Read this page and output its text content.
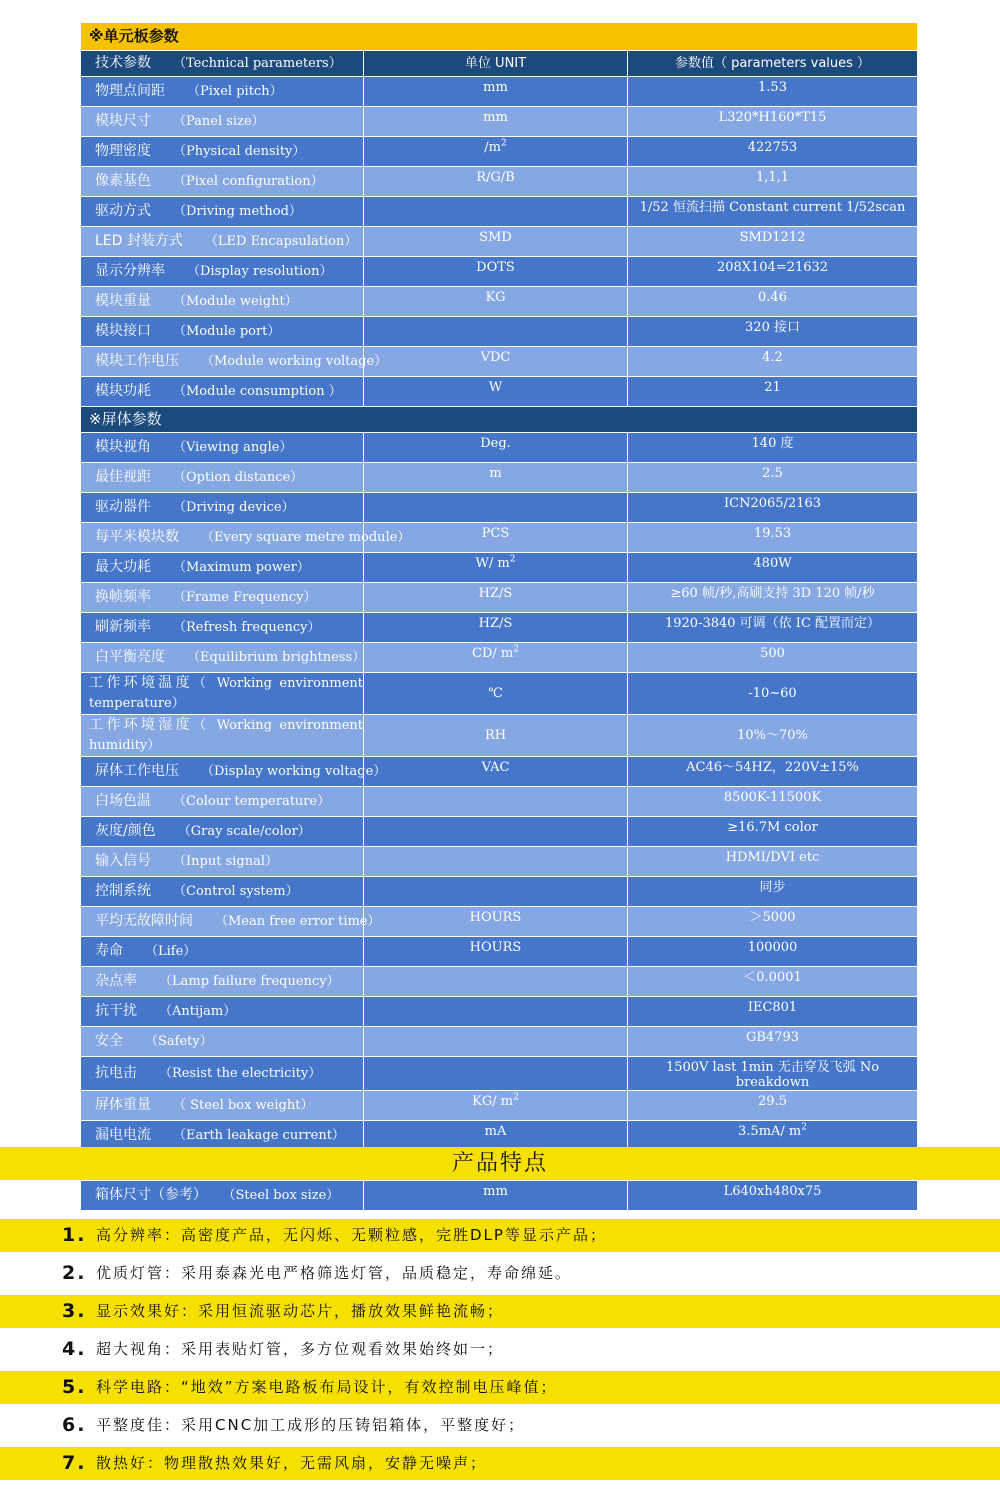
※单元板参数		
技术参数 （Technical parameters）	单位 UNIT	参数值（ parameters values ）
物理点间距 （Pixel pitch）	mm	1.53
模块尺寸 （Panel size）	mm	L320*H160*T15
物理密度 （Physical density）	$/m^2$	422753
像素基色 （Pixel configuration）	R/G/B	1,1,1
驱动方式 （Driving method）		1/52 恒流扫描 Constant current 1/52scan
LED 封装方式 （LED Encapsulation）	SMD	SMD1212
显示分辨率 （Display resolution）	DOTS	208X104=21632
模块重量 （Module weight）	KG	0.46
模块接口 （Module port）		320 接口
模块工作电压 （Module working voltage）	VDC	4.2
模块功耗 （Module consumption ）	W	21
※屏体参数		
模块视角 （Viewing angle）	Deg.	140 度
最佳视距 （Option distance）	m	2.5
驱动器件 （Driving device）		ICN2065/2163
每平米模块数 （Every square metre module）	PCS	19.53
最大功耗 （Maximum power）	W/ $m^2$	480W
换帧频率 （Frame Frequency）	HZ/S	≥60 帧/秒,高刷支持 3D 120 帧/秒
刷新频率 （Refresh frequency）	HZ/S	1920-3840 可调（依 IC 配置而定）
白平衡亮度 （Equilibrium brightness）	CD/ $m^2$	500
工作环境温度（ Working environment temperature）	℃	-10~60
工作环境湿度（ Working environment humidity）	RH	10%～70%
屏体工作电压 （Display working voltage）	VAC	AC46～54HZ，220V±15%
白场色温 （Colour temperature）		8500K-11500K
灰度/颜色 （Gray scale/color）		≥16.7M color
输入信号 （Input signal）		HDMI/DVI etc
控制系统 （Control system）		同步
平均无故障时间 （Mean free error time）	HOURS	＞5000
寿命 （Life）	HOURS	100000
杂点率 （Lamp failure frequency）		＜0.0001
抗干扰 （Antijam）		IEC801
安全 （Safety）		GB4793
抗电击 （Resist the electricity）		1500V last 1min 无击穿及飞弧 No breakdown
屏体重量 （ Steel box weight）	KG/ $m^2$	29.5
漏电电流 （Earth leakage current）	mA	3.5mA/ $m^2$

箱体尺寸（参考） （Steel box size）	mm	L640xh480x75
产品特点
1. 高分辨率：高密度产品，无闪烁、无颗粒感，完胜DLP等显示产品；
2. 优质灯管：采用泰森光电严格筛选灯管，品质稳定，寿命绵延。
3. 显示效果好：采用恒流驱动芯片，播放效果鲜艳流畅；
4. 超大视角：采用表贴灯管，多方位观看效果始终如一；
5. 科学电路：“地效”方案电路板布局设计，有效控制电压峰值；
6. 平整度佳：采用CNC加工成形的压铸铝箱体，平整度好；
7. 散热好：物理散热效果好，无需风扇，安静无噪声；
